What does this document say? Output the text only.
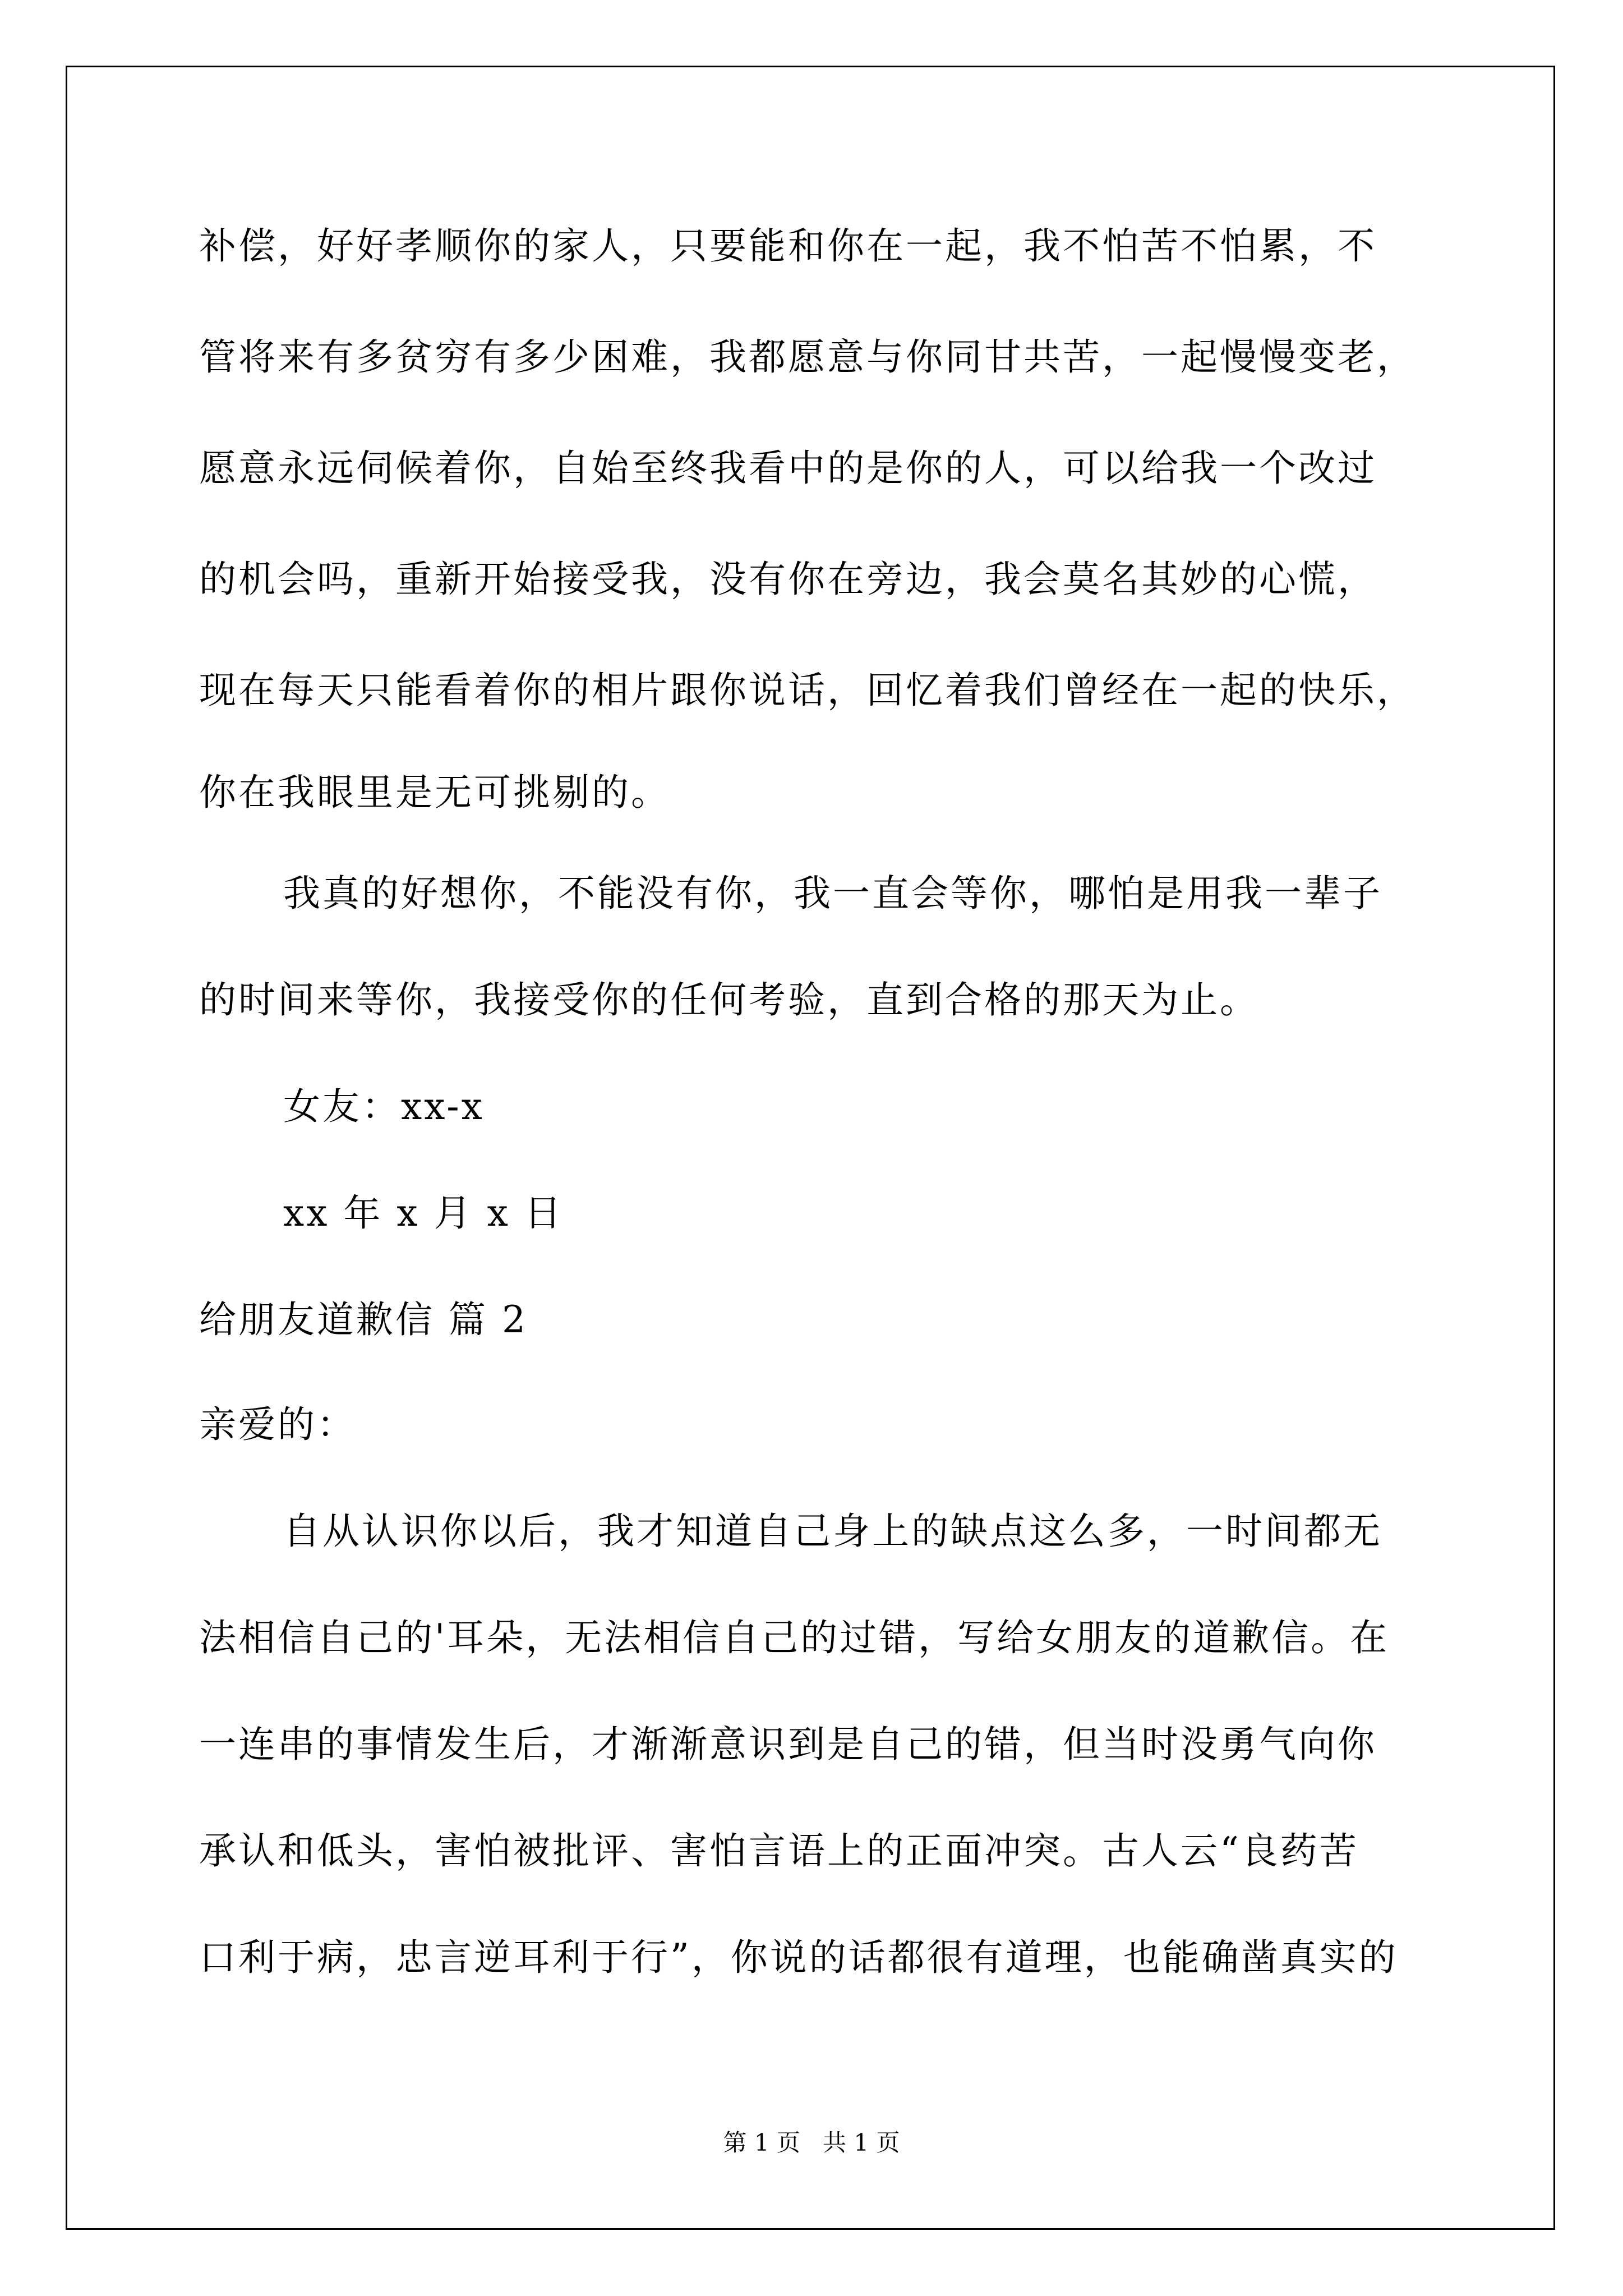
补偿，好好孝顺你的家人，只要能和你在一起，我不怕苦不怕累，不
管将来有多贫穷有多少困难，我都愿意与你同甘共苦，一起慢慢变老，
愿意永远伺候着你，自始至终我看中的是你的人，可以给我一个改过
的机会吗，重新开始接受我，没有你在旁边，我会莫名其妙的心慌，
现在每天只能看着你的相片跟你说话，回忆着我们曾经在一起的快乐，
你在我眼里是无可挑剔的。
我真的好想你，不能没有你，我一直会等你，哪怕是用我一辈子
的时间来等你，我接受你的任何考验，直到合格的那天为止。
女友：xx-x
xx 年 x 月 x 日
给朋友道歉信 篇 2
亲爱的：
自从认识你以后，我才知道自己身上的缺点这么多，一时间都无
法相信自己的'耳朵，无法相信自己的过错，写给女朋友的道歉信。在
一连串的事情发生后，才渐渐意识到是自己的错，但当时没勇气向你
承认和低头，害怕被批评、害怕言语上的正面冲突。古人云“良药苦
口利于病，忠言逆耳利于行”，你说的话都很有道理，也能确凿真实的
第 1 页   共 1 页
